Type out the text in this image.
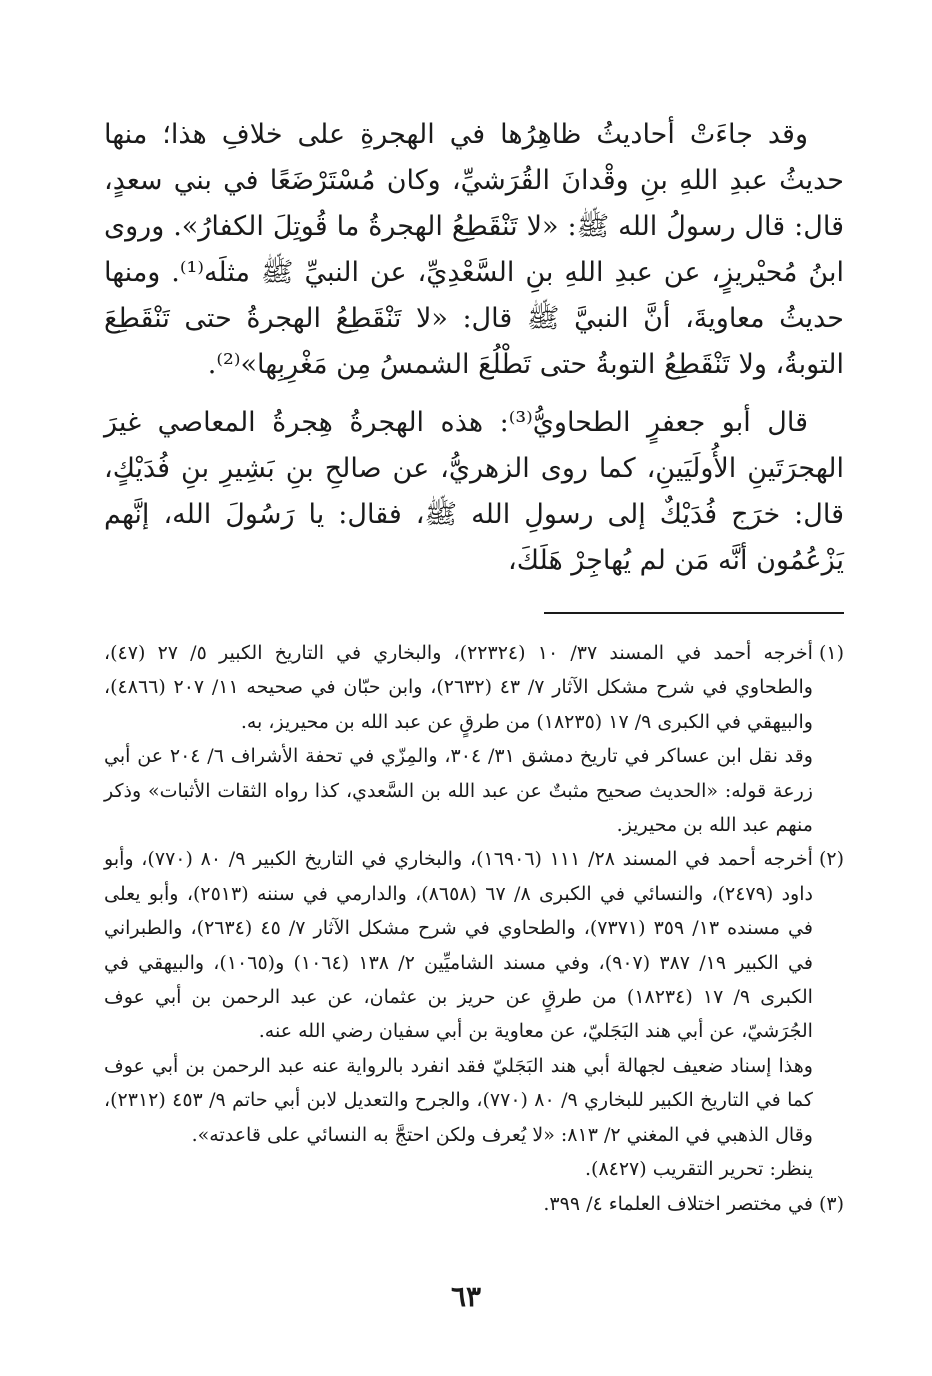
وقد جاءَتْ أحاديثُ ظاهِرُها في الهجرةِ على خلافِ هذا؛ منها حديثُ عبدِ اللهِ بنِ وقْدانَ القُرَشيِّ، وكان مُسْتَرْضَعًا في بني سعدٍ، قال: قال رسولُ الله ﷺ: «لا تَنْقَطِعُ الهجرةُ ما قُوتِلَ الكفارُ». وروى ابنُ مُحيْريزٍ، عن عبدِ اللهِ بنِ السَّعْدِيِّ، عن النبيِّ ﷺ مثلَه⁽¹⁾. ومنها حديثُ معاويةَ، أنَّ النبيَّ ﷺ قال: «لا تَنْقَطِعُ الهجرةُ حتى تَنْقَطِعَ التوبةُ، ولا تَنْقَطِعُ التوبةُ حتى تَطْلُعَ الشمسُ مِن مَغْرِبِها»⁽²⁾.

قال أبو جعفرٍ الطحاويُّ⁽³⁾: هذه الهجرةُ هِجرةُ المعاصي غيرَ الهجرَتَينِ الأُولَيَينِ، كما روى الزهريُّ، عن صالحِ بنِ بَشِيرِ بنِ فُدَيْكٍ، قال: خرَج فُدَيْكٌ إلى رسولِ الله ﷺ، فقال: يا رَسُولَ الله، إنَّهم يَزْعُمُون أنَّه مَن لم يُهاجِرْ هَلَكَ،

(١)

أخرجه أحمد في المسند ٣٧/ ١٠ (٢٢٣٢٤)، والبخاري في التاريخ الكبير ٥/ ٢٧ (٤٧)، والطحاوي في شرح مشكل الآثار ٧/ ٤٣ (٢٦٣٢)، وابن حبّان في صحيحه ١١/ ٢٠٧ (٤٨٦٦)، والبيهقي في الكبرى ٩/ ١٧ (١٨٢٣٥) من طرقٍ عن عبد الله بن محيريز، به.

وقد نقل ابن عساكر في تاريخ دمشق ٣١/ ٣٠٤، والمِزّي في تحفة الأشراف ٦/ ٢٠٤ عن أبي زرعة قوله: «الحديث صحيح مثبتٌ عن عبد الله بن السَّعدي، كذا رواه الثقات الأثبات» وذكر منهم عبد الله بن محيريز.

(٢)

أخرجه أحمد في المسند ٢٨/ ١١١ (١٦٩٠٦)، والبخاري في التاريخ الكبير ٩/ ٨٠ (٧٧٠)، وأبو داود (٢٤٧٩)، والنسائي في الكبرى ٨/ ٦٧ (٨٦٥٨)، والدارمي في سننه (٢٥١٣)، وأبو يعلى في مسنده ١٣/ ٣٥٩ (٧٣٧١)، والطحاوي في شرح مشكل الآثار ٧/ ٤٥ (٢٦٣٤)، والطبراني في الكبير ١٩/ ٣٨٧ (٩٠٧)، وفي مسند الشاميِّين ٢/ ١٣٨ (١٠٦٤) و(١٠٦٥)، والبيهقي في الكبرى ٩/ ١٧ (١٨٢٣٤) من طرقٍ عن حريز بن عثمان، عن عبد الرحمن بن أبي عوف الجُرَشيّ، عن أبي هند البَجَليّ، عن معاوية بن أبي سفيان رضي الله عنه.

وهذا إسناد ضعيف لجهالة أبي هند البَجَليّ فقد انفرد بالرواية عنه عبد الرحمن بن أبي عوف كما في التاريخ الكبير للبخاري ٩/ ٨٠ (٧٧٠)، والجرح والتعديل لابن أبي حاتم ٩/ ٤٥٣ (٢٣١٢)، وقال الذهبي في المغني ٢/ ٨١٣: «لا يُعرف ولكن احتجَّ به النسائي على قاعدته».

ينظر: تحرير التقريب (٨٤٢٧).

(٣)

في مختصر اختلاف العلماء ٤/ ٣٩٩.

٦٣
